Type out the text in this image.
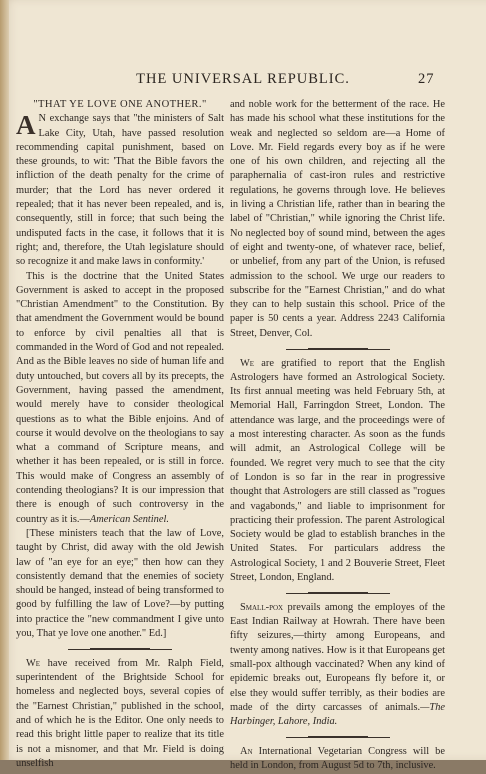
THE UNIVERSAL REPUBLIC.	27

"THAT YE LOVE ONE ANOTHER."

A N exchange says that "the ministers of Salt Lake City, Utah, have passed resolution recommending capital punishment, based on these grounds, to wit: 'That the Bible favors the infliction of the death penalty for the crime of murder; that the Lord has never ordered it repealed; that it has never been repealed, and is, consequently, still in force; that such being the undisputed facts in the case, it follows that it is right; and, therefore, the Utah legislature should so recognize it and make laws in conformity.'

This is the doctrine that the United States Government is asked to accept in the proposed "Christian Amendment" to the Constitution. By that amendment the Government would be bound to enforce by civil penalties all that is commanded in the Word of God and not repealed. And as the Bible leaves no side of human life and duty untouched, but covers all by its precepts, the Government, having passed the amendment, would merely have to consider theological questions as to what the Bible enjoins. And of course it would devolve on the theologians to say what a command of Scripture means, and whether it has been repealed, or is still in force. This would make of Congress an assembly of contending theologians? It is our impression that there is enough of such controversy in the country as it is.—American Sentinel.

[These ministers teach that the law of Love, taught by Christ, did away with the old Jewish law of "an eye for an eye;" then how can they consistently demand that the enemies of society should be hanged, instead of being transformed to good by fulfilling the law of Love?—by putting into practice the "new commandment I give unto you, That ye love one another." Ed.]

We have received from Mr. Ralph Field, superintendent of the Brightside School for homeless and neglected boys, several copies of the "Earnest Christian," published in the school, and of which he is the Editor. One only needs to read this bright little paper to realize that its title is not a misnomer, and that Mr. Field is doing unselfish

and noble work for the betterment of the race. He has made his school what these institutions for the weak and neglected so seldom are—a Home of Love. Mr. Field regards every boy as if he were one of his own children, and rejecting all the paraphernalia of cast-iron rules and restrictive regulations, he governs through love. He believes in living a Christian life, rather than in bearing the label of "Christian," while ignoring the Christ life. No neglected boy of sound mind, between the ages of eight and twenty-one, of whatever race, belief, or unbelief, from any part of the Union, is refused admission to the school. We urge our readers to subscribe for the "Earnest Christian," and do what they can to help sustain this school. Price of the paper is 50 cents a year. Address 2243 California Street, Denver, Col.

We are gratified to report that the English Astrologers have formed an Astrological Society. Its first annual meeting was held February 5th, at Memorial Hall, Farringdon Street, London. The attendance was large, and the proceedings were of a most interesting character. As soon as the funds will admit, an Astrological College will be founded. We regret very much to see that the city of London is so far in the rear in progressive thought that Astrologers are still classed as "rogues and vagabonds," and liable to imprisonment for practicing their profession. The parent Astrological Society would be glad to establish branches in the United States. For particulars address the Astrological Society, 1 and 2 Bouverie Street, Fleet Street, London, England.

Small-pox prevails among the employes of the East Indian Railway at Howrah. There have been fifty seizures,—thirty among Europeans, and twenty among natives. How is it that Europeans get small-pox although vaccinated? When any kind of epidemic breaks out, Europeans fly before it, or else they would suffer terribly, as their bodies are made of the dirty carcasses of animals.—The Harbinger, Lahore, India.

An International Vegetarian Congress will be held in London, from August 5d to 7th, inclusive.
